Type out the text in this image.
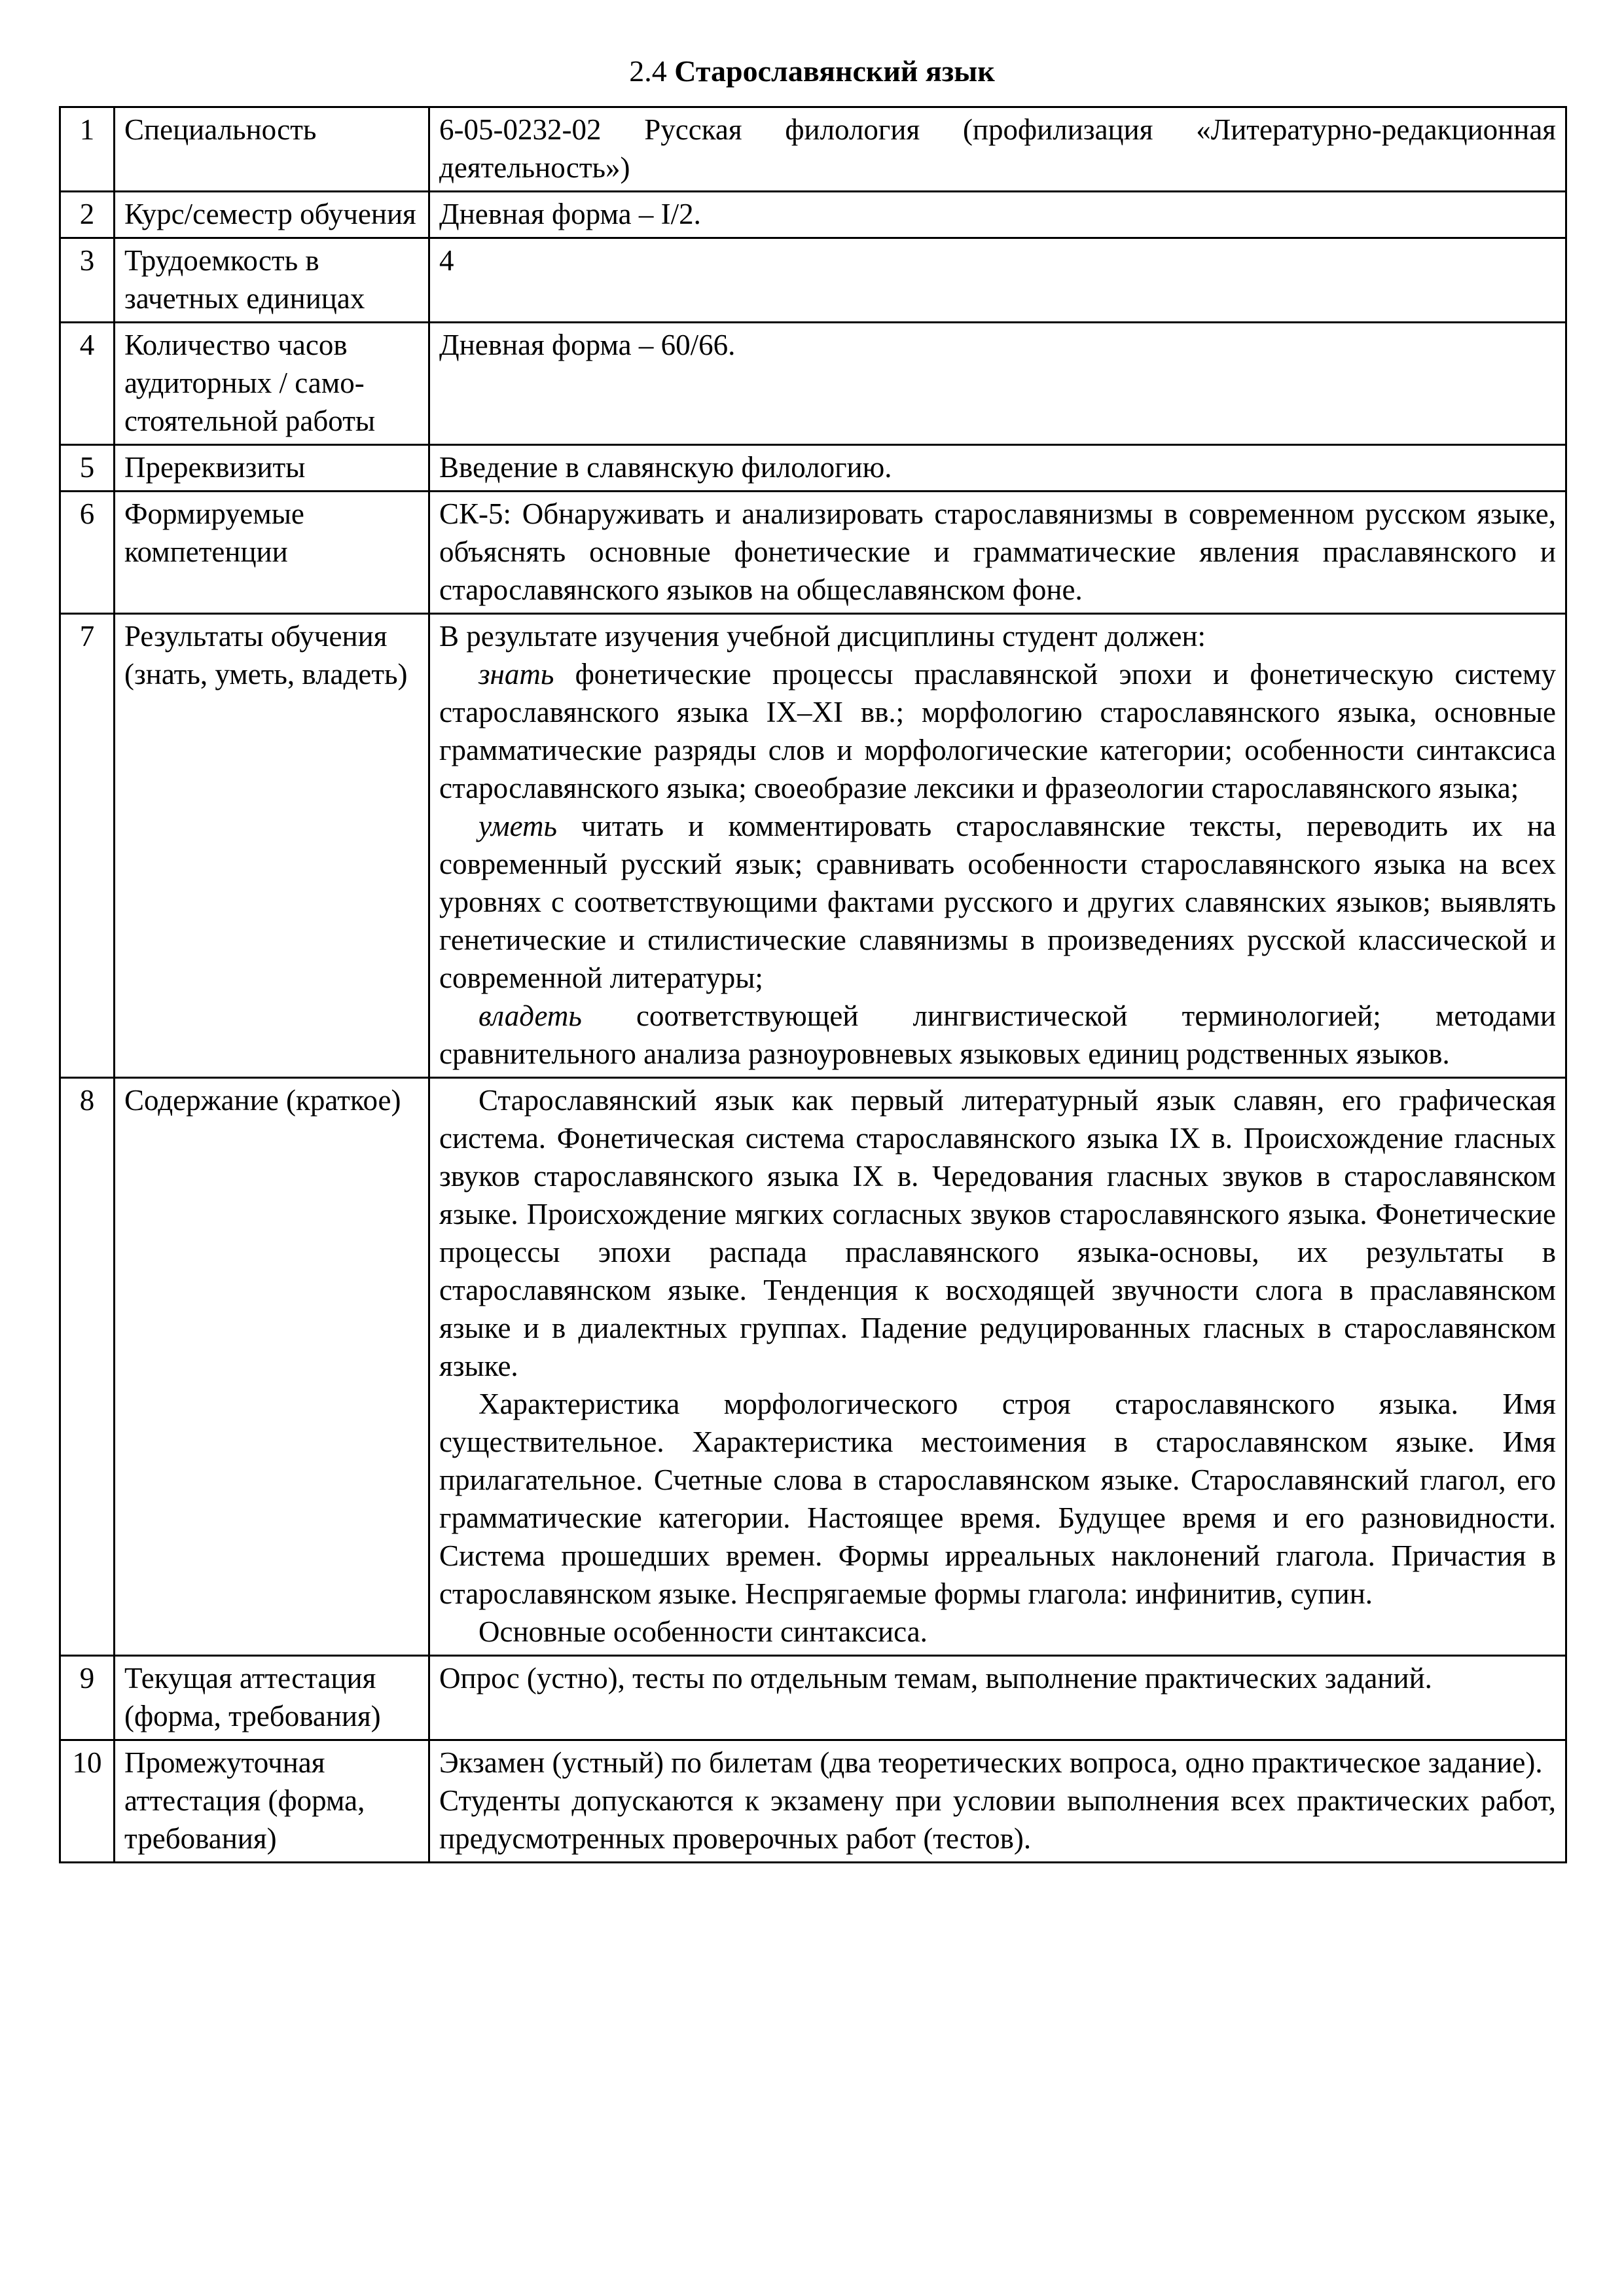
2.4 Старославянский язык
1	Специальность	6-05-0232-02 Русская филология (профилизация «Литературно-редакционная деятельность»)
2	Курс/семестр обучения	Дневная форма – I/2.
3	Трудоемкость в зачетных единицах	4
4	Количество часов аудиторных / само-стоятельной работы	Дневная форма – 60/66.
5	Пререквизиты	Введение в славянскую филологию.
6	Формируемые компетенции	СК-5: Обнаруживать и анализировать старославянизмы в современном русском языке, объяснять основные фонетические и грамматические явления праславянского и старославянского языков на общеславянском фоне.
7	Результаты обучения (знать, уметь, владеть)	В результате изучения учебной дисциплины студент должен:

знать фонетические процессы праславянской эпохи и фонетическую систему старославянского языка IX–XI вв.; морфологию старославянского языка, основные грамматические разряды слов и морфологические категории; особенности синтаксиса старославянского языка; своеобразие лексики и фразеологии старославянского языка;

уметь читать и комментировать старославянские тексты, переводить их на современный русский язык; сравнивать особенности старославянского языка на всех уровнях с соответствующими фактами русского и других славянских языков; выявлять генетические и стилистические славянизмы в произведениях русской классической и современной литературы;

владеть соответствующей лингвистической терминологией; методами сравнительного анализа разноуровневых языковых единиц родственных языков.

8	Содержание (краткое)	Старославянский язык как первый литературный язык славян, его графическая система. Фонетическая система старославянского языка IX в. Происхождение гласных звуков старославянского языка IX в. Чередования гласных звуков в старославянском языке. Происхождение мягких согласных звуков старославянского языка. Фонетические процессы эпохи распада праславянского языка-основы, их результаты в старославянском языке. Тенденция к восходящей звучности слога в праславянском языке и в диалектных группах. Падение редуцированных гласных в старославянском языке.

Характеристика морфологического строя старославянского языка. Имя существительное. Характеристика местоимения в старославянском языке. Имя прилагательное. Счетные слова в старославянском языке. Старославянский глагол, его грамматические категории. Настоящее время. Будущее время и его разновидности. Система прошедших времен. Формы ирреальных наклонений глагола. Причастия в старославянском языке. Неспрягаемые формы глагола: инфинитив, супин.

Основные особенности синтаксиса.

9	Текущая аттестация (форма, требования)	Опрос (устно), тесты по отдельным темам, выполнение практических заданий.
10	Промежуточная аттестация (форма, требования)	Экзамен (устный) по билетам (два теоретических вопроса, одно практическое задание).

Студенты допускаются к экзамену при условии выполнения всех практических работ, предусмотренных проверочных работ (тестов).
